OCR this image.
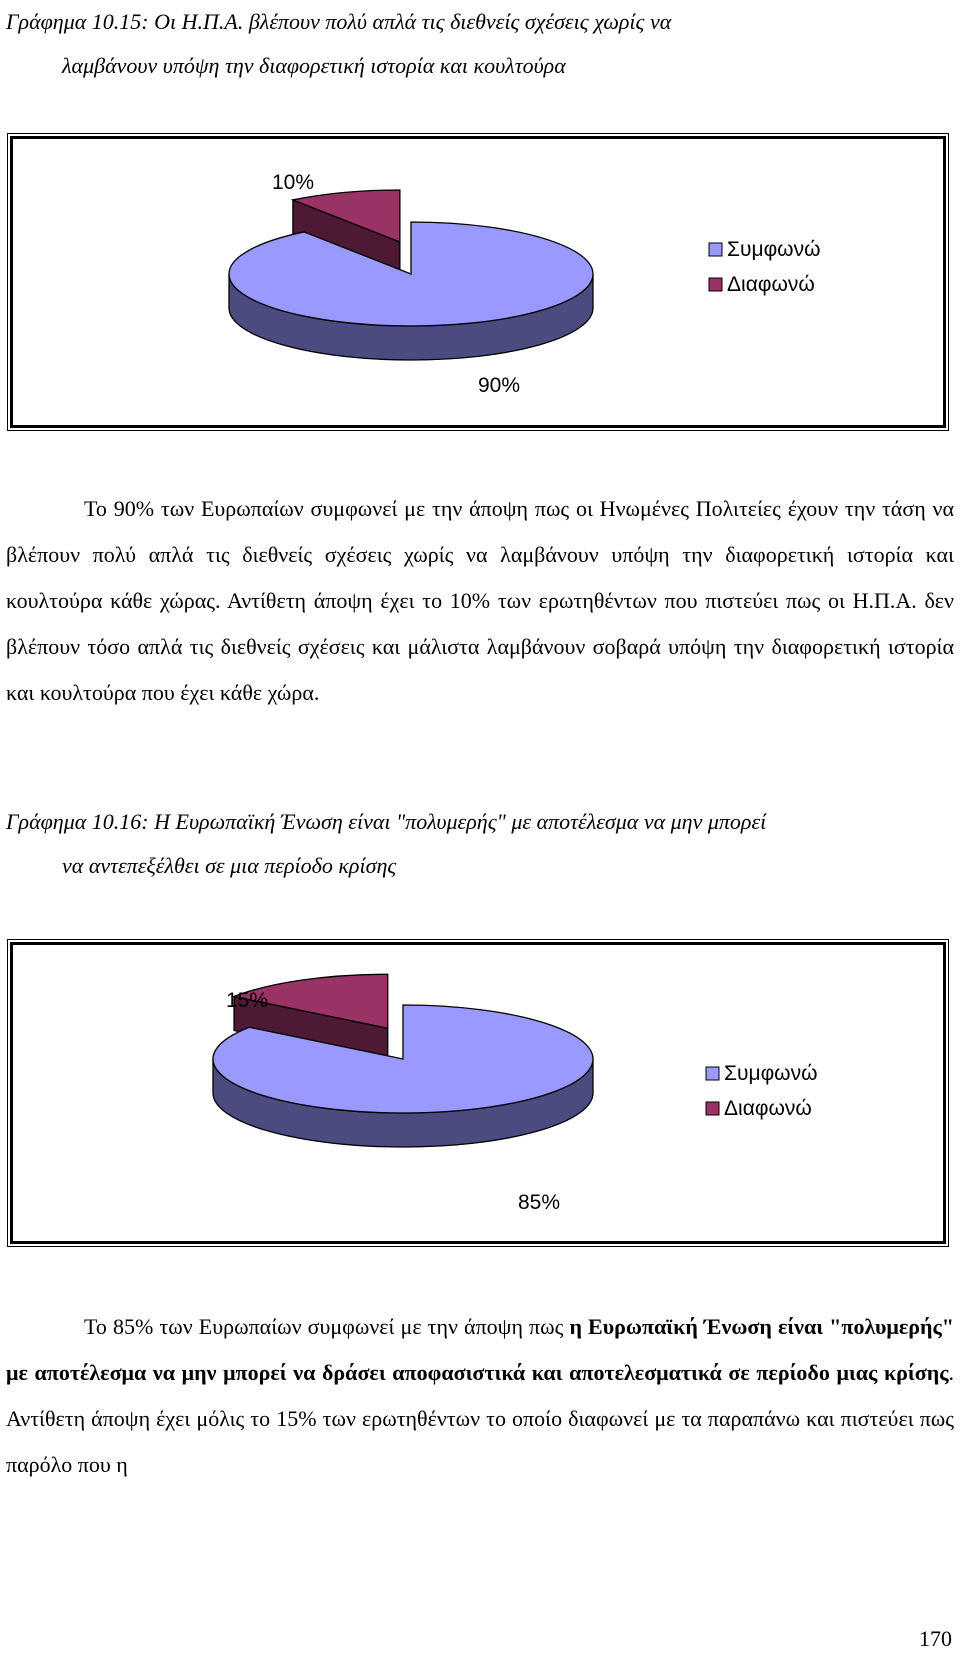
Γράφημα 10.15: Οι Η.Π.Α. βλέπουν πολύ απλά τις διεθνείς σχέσεις χωρίς να
λαμβάνουν υπόψη την διαφορετική ιστορία και κουλτούρα
90%
10%
Συμφωνώ
Διαφωνώ
Το 90% των Ευρωπαίων συμφωνεί με την άποψη πως οι Ηνωμένες Πολιτείες έχουν την τάση να βλέπουν πολύ απλά τις διεθνείς σχέσεις χωρίς να λαμβάνουν υπόψη την διαφορετική ιστορία και κουλτούρα κάθε χώρας. Αντίθετη άποψη έχει το 10% των ερωτηθέντων που πιστεύει πως οι Η.Π.Α. δεν βλέπουν τόσο απλά τις διεθνείς σχέσεις και μάλιστα λαμβάνουν σοβαρά υπόψη την διαφορετική ιστορία και κουλτούρα που έχει κάθε χώρα.
Γράφημα 10.16: Η Ευρωπαϊκή Ένωση είναι "πολυμερής" με αποτέλεσμα να μην μπορεί
να αντεπεξέλθει σε μια περίοδο κρίσης
85%
15%
Συμφωνώ
Διαφωνώ
Το 85% των Ευρωπαίων συμφωνεί με την άποψη πως η Ευρωπαϊκή Ένωση είναι "πολυμερής" με αποτέλεσμα να μην μπορεί να δράσει αποφασιστικά και αποτελεσματικά σε περίοδο μιας κρίσης. Αντίθετη άποψη έχει μόλις το 15% των ερωτηθέντων το οποίο διαφωνεί με τα παραπάνω και πιστεύει πως παρόλο που η
170
